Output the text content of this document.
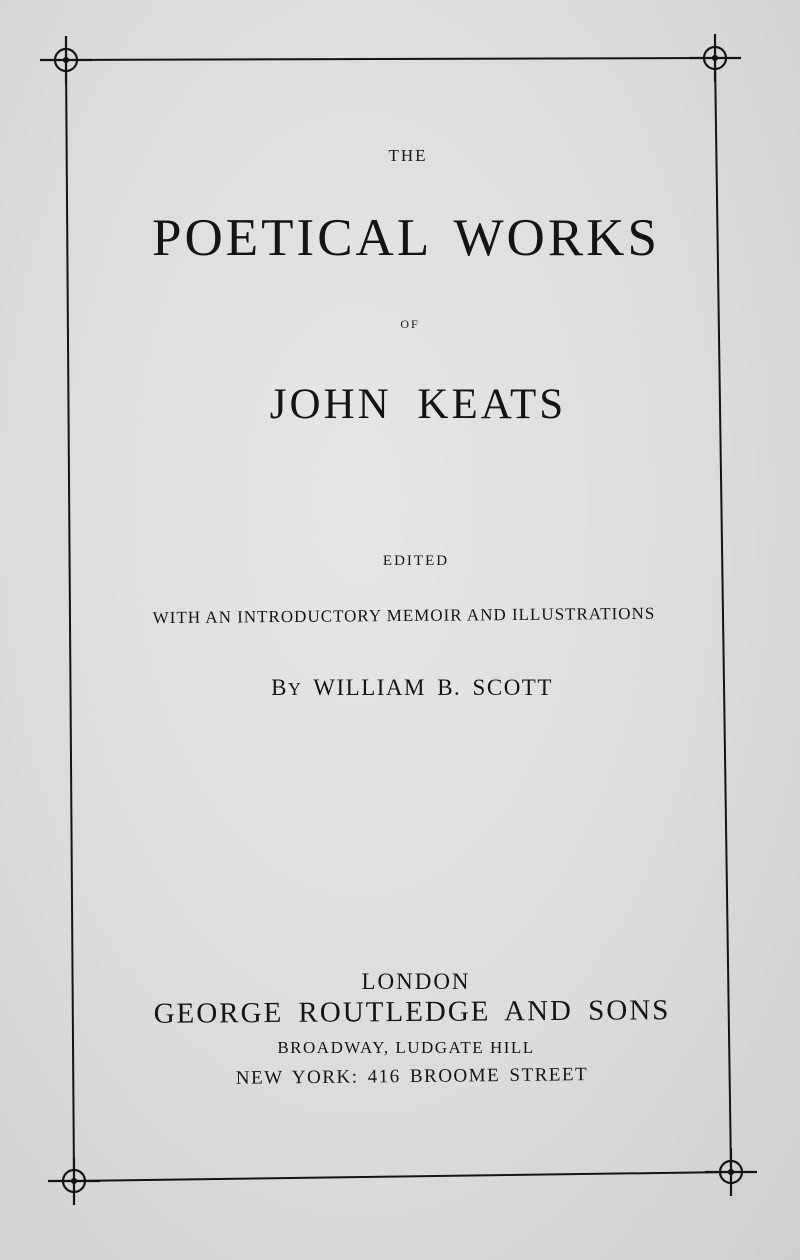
THE
POETICAL WORKS
OF
JOHN KEATS
EDITED
WITH AN INTRODUCTORY MEMOIR AND ILLUSTRATIONS
BY WILLIAM B. SCOTT
LONDON
GEORGE ROUTLEDGE AND SONS
BROADWAY, LUDGATE HILL
NEW YORK: 416 BROOME STREET
